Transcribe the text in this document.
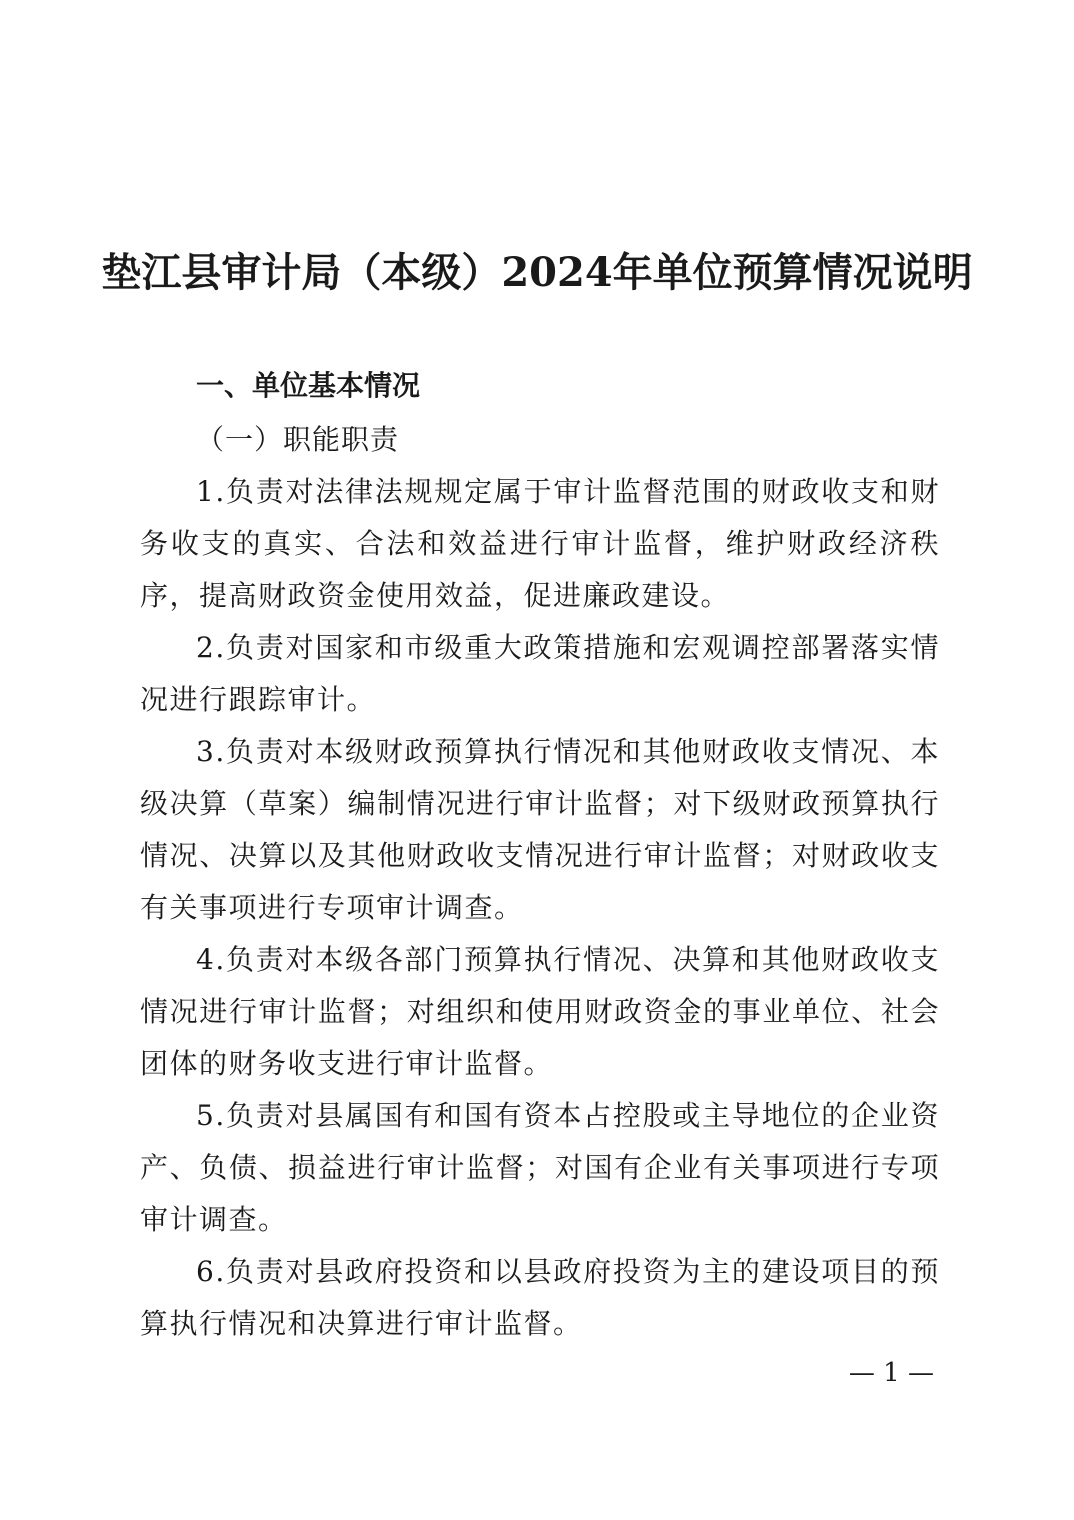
垫江县审计局（本级）2024年单位预算情况说明

一、单位基本情况

（一）职能职责

1.负责对法律法规规定属于审计监督范围的财政收支和财务收支的真实、合法和效益进行审计监督，维护财政经济秩序，提高财政资金使用效益，促进廉政建设。

2.负责对国家和市级重大政策措施和宏观调控部署落实情况进行跟踪审计。

3.负责对本级财政预算执行情况和其他财政收支情况、本级决算（草案）编制情况进行审计监督；对下级财政预算执行情况、决算以及其他财政收支情况进行审计监督；对财政收支有关事项进行专项审计调查。

4.负责对本级各部门预算执行情况、决算和其他财政收支情况进行审计监督；对组织和使用财政资金的事业单位、社会团体的财务收支进行审计监督。

5.负责对县属国有和国有资本占控股或主导地位的企业资产、负债、损益进行审计监督；对国有企业有关事项进行专项审计调查。

6.负责对县政府投资和以县政府投资为主的建设项目的预算执行情况和决算进行审计监督。

— 1 —
